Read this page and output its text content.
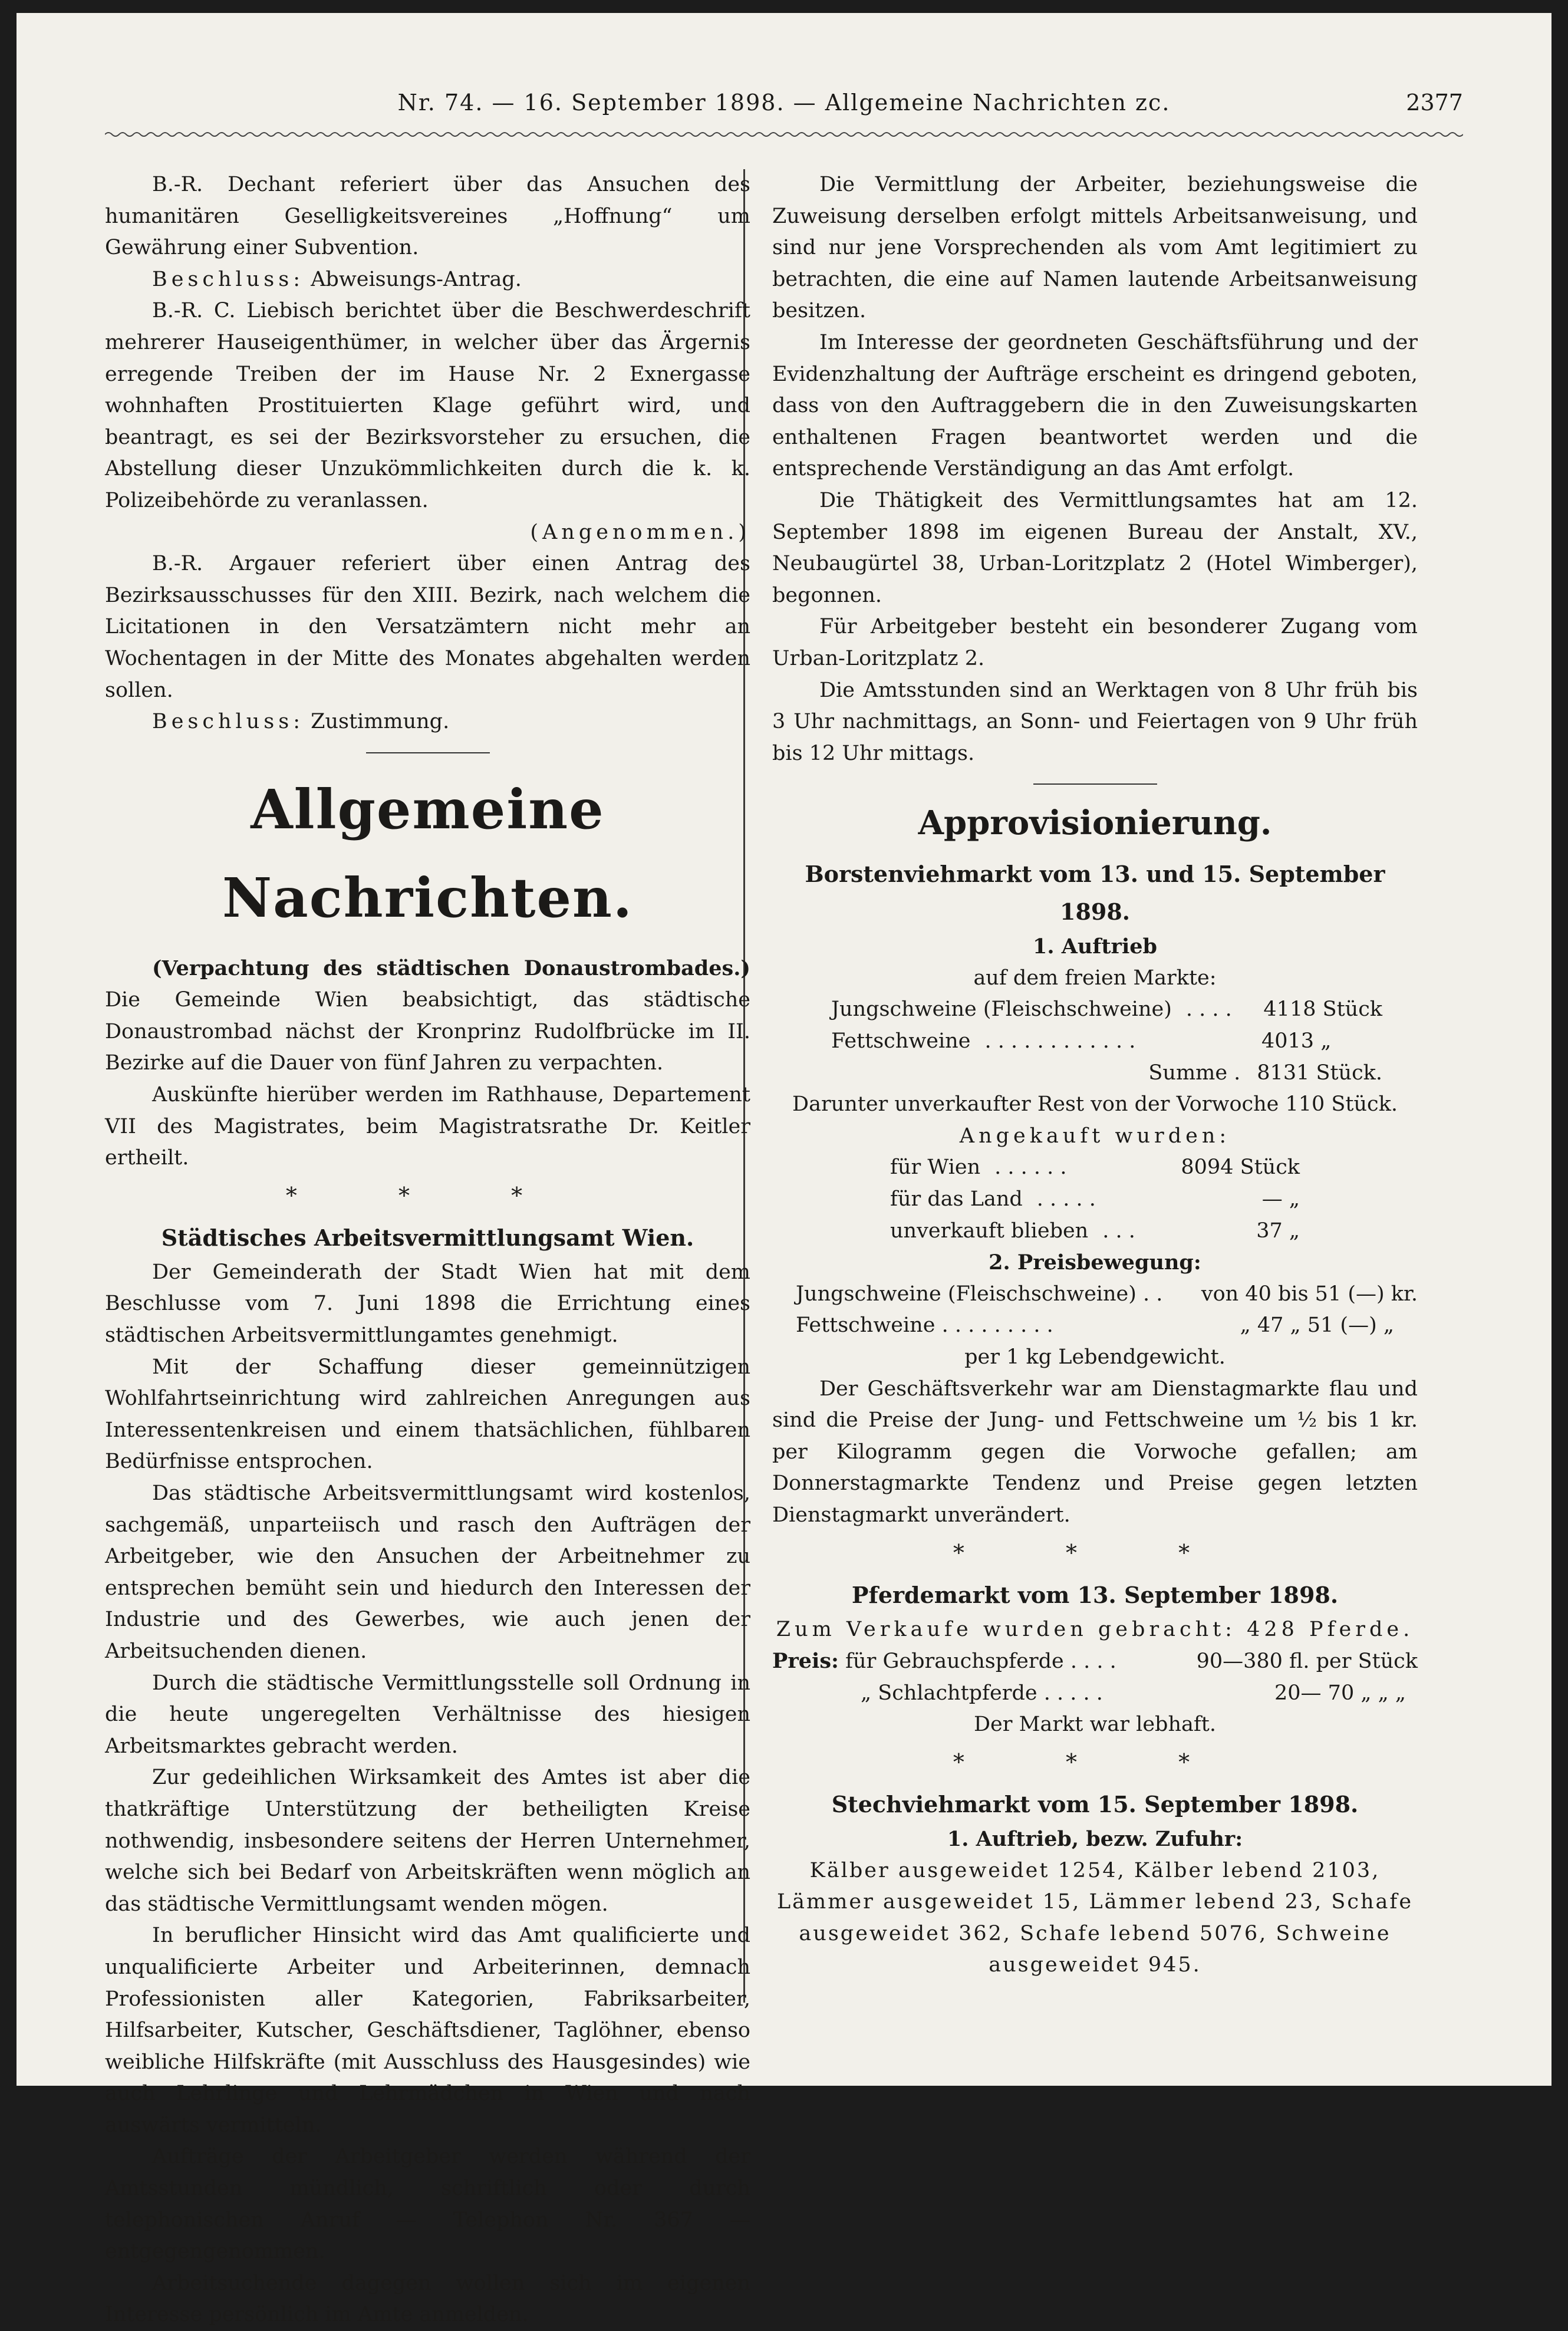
Nr. 74. — 16. September 1898. — Allgemeine Nachrichten zc.	2377

B.-R. Dechant referiert über das Ansuchen des humanitären Geselligkeitsvereines „Hoffnung“ um Gewährung einer Subvention.

Beschluss: Abweisungs-Antrag.

B.-R. C. Liebisch berichtet über die Beschwerdeschrift mehrerer Hauseigenthümer, in welcher über das Ärgernis erregende Treiben der im Hause Nr. 2 Exnergasse wohnhaften Prostituierten Klage geführt wird, und beantragt, es sei der Bezirksvorsteher zu ersuchen, die Abstellung dieser Unzukömmlichkeiten durch die k. k. Polizeibehörde zu veranlassen.

(Angenommen.)

B.-R. Argauer referiert über einen Antrag des Bezirksausschusses für den XIII. Bezirk, nach welchem die Licitationen in den Versatzämtern nicht mehr an Wochentagen in der Mitte des Monates abgehalten werden sollen.

Beschluss: Zustimmung.

Allgemeine Nachrichten.

(Verpachtung des städtischen Donaustrombades.) Die Gemeinde Wien beabsichtigt, das städtische Donaustrombad nächst der Kronprinz Rudolfbrücke im II. Bezirke auf die Dauer von fünf Jahren zu verpachten.

Auskünfte hierüber werden im Rathhause, Departement VII des Magistrates, beim Magistratsrathe Dr. Keitler ertheilt.

* * *
Städtisches Arbeitsvermittlungsamt Wien.

Der Gemeinderath der Stadt Wien hat mit dem Beschlusse vom 7. Juni 1898 die Errichtung eines städtischen Arbeitsvermittlungamtes genehmigt.

Mit der Schaffung dieser gemeinnützigen Wohlfahrtseinrichtung wird zahlreichen Anregungen aus Interessentenkreisen und einem thatsächlichen, fühlbaren Bedürfnisse entsprochen.

Das städtische Arbeitsvermittlungsamt wird kostenlos, sachgemäß, unparteiisch und rasch den Aufträgen der Arbeitgeber, wie den Ansuchen der Arbeitnehmer zu entsprechen bemüht sein und hiedurch den Interessen der Industrie und des Gewerbes, wie auch jenen der Arbeitsuchenden dienen.

Durch die städtische Vermittlungsstelle soll Ordnung in die heute ungeregelten Verhältnisse des hiesigen Arbeitsmarktes gebracht werden.

Zur gedeihlichen Wirksamkeit des Amtes ist aber die thatkräftige Unterstützung der betheiligten Kreise nothwendig, insbesondere seitens der Herren Unternehmer, welche sich bei Bedarf von Arbeitskräften wenn möglich an das städtische Vermittlungsamt wenden mögen.

In beruflicher Hinsicht wird das Amt qualificierte und unqualificierte Arbeiter und Arbeiterinnen, demnach Professionisten aller Kategorien, Fabriksarbeiter, Hilfsarbeiter, Kutscher, Geschäftsdiener, Taglöhner, ebenso weibliche Hilfskräfte (mit Ausschluss des Hausgesindes) wie auch Lehrlinge und Lehrmädchen in Wien und nach auswärts vermitteln.

Aufträge der Arbeitgeber werden während der Amtsstunden mündlich, schriftlich oder durch telephonischen Anruf — Telephon Nr. 367 — entgegengenommen.

Arbeitsuchende dagegen wollen sich im eigenen Interesse persönlich im Amte anmelden.

Die Vermittlung der Arbeiter, beziehungsweise die Zuweisung derselben erfolgt mittels Arbeitsanweisung, und sind nur jene Vorsprechenden als vom Amt legitimiert zu betrachten, die eine auf Namen lautende Arbeitsanweisung besitzen.

Im Interesse der geordneten Geschäftsführung und der Evidenzhaltung der Aufträge erscheint es dringend geboten, dass von den Auftraggebern die in den Zuweisungskarten enthaltenen Fragen beantwortet werden und die entsprechende Verständigung an das Amt erfolgt.

Die Thätigkeit des Vermittlungsamtes hat am 12. September 1898 im eigenen Bureau der Anstalt, XV., Neubaugürtel 38, Urban-Loritzplatz 2 (Hotel Wimberger), begonnen.

Für Arbeitgeber besteht ein besonderer Zugang vom Urban-Loritzplatz 2.

Die Amtsstunden sind an Werktagen von 8 Uhr früh bis 3 Uhr nachmittags, an Sonn- und Feiertagen von 9 Uhr früh bis 12 Uhr mittags.

Approvisionierung.
Borstenviehmarkt vom 13. und 15. September 1898.

1. Auftrieb

auf dem freien Markte:

Jungschweine (Fleischschweine) . . . .	4118 Stück
Fettschweine . . . . . . . . . . . .	4013 „
Summe . 8131 Stück.

Darunter unverkaufter Rest von der Vorwoche 110 Stück.

Angekauft wurden:

für Wien . . . . . .	8094 Stück
für das Land . . . . .	— „
unverkauft blieben . . .	37 „

2. Preisbewegung:

Jungschweine (Fleischschweine) . . von 40 bis 51 (—) kr.
Fettschweine . . . . . . . . .	„ 47 „ 51 (—) „

per 1 kg Lebendgewicht.

Der Geschäftsverkehr war am Dienstagmarkte flau und sind die Preise der Jung- und Fettschweine um ½ bis 1 kr. per Kilogramm gegen die Vorwoche gefallen; am Donnerstagmarkte Tendenz und Preise gegen letzten Dienstagmarkt unverändert.

* * *
Pferdemarkt vom 13. September 1898.

Zum Verkaufe wurden gebracht: 428 Pferde.

Preis: für Gebrauchspferde . . . .	90—380 fl. per Stück
„ Schlachtpferde . . . . .	20— 70 „ „ „

Der Markt war lebhaft.

* * *
Stechviehmarkt vom 15. September 1898.

1. Auftrieb, bezw. Zufuhr:

Kälber ausgeweidet 1254, Kälber lebend 2103, Lämmer ausgeweidet 15, Lämmer lebend 23, Schafe ausgeweidet 362, Schafe lebend 5076, Schweine ausgeweidet 945.
